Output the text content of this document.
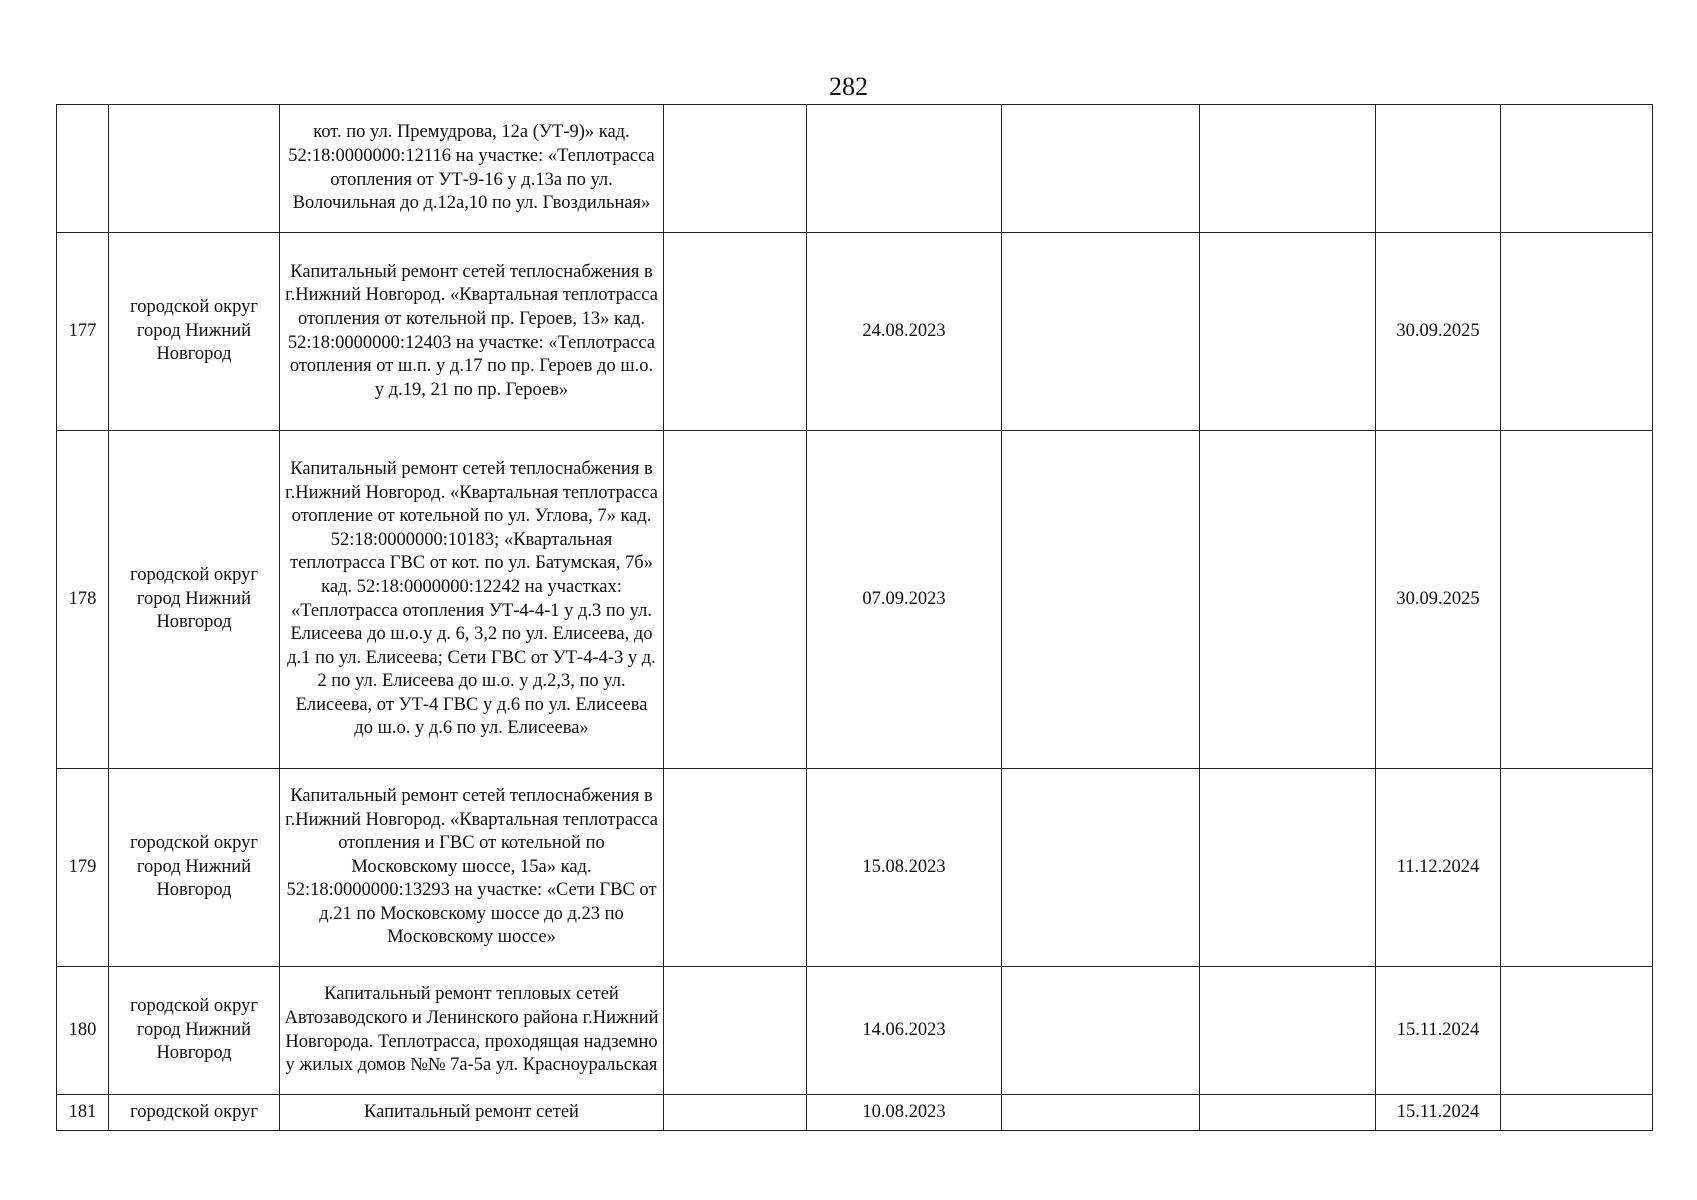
282
		кот. по ул. Премудрова, 12а (УТ-9)» кад. 52:18:0000000:12116 на участке: «Теплотрасса отопления от УТ-9-16 у д.13а по ул. Волочильная до д.12а,10 по ул. Гвоздильная»						
177	городской округ город Нижний Новгород	Капитальный ремонт сетей теплоснабжения в г.Нижний Новгород. «Квартальная теплотрасса отопления от котельной пр. Героев, 13» кад. 52:18:0000000:12403 на участке: «Теплотрасса отопления от ш.п. у д.17 по пр. Героев до ш.о. у д.19, 21 по пр. Героев»		24.08.2023			30.09.2025	
178	городской округ город Нижний Новгород	Капитальный ремонт сетей теплоснабжения в г.Нижний Новгород. «Квартальная теплотрасса отопление от котельной по ул. Углова, 7» кад. 52:18:0000000:10183; «Квартальная теплотрасса ГВС от кот. по ул. Батумская, 7б» кад. 52:18:0000000:12242 на участках: «Теплотрасса отопления УТ-4-4-1 у д.3 по ул. Елисеева до ш.о.у д. 6, 3,2 по ул. Елисеева, до д.1 по ул. Елисеева; Сети ГВС от УТ-4-4-3 у д. 2 по ул. Елисеева до ш.о. у д.2,3, по ул. Елисеева, от УТ-4 ГВС у д.6 по ул. Елисеева до ш.о. у д.6 по ул. Елисеева»		07.09.2023			30.09.2025	
179	городской округ город Нижний Новгород	Капитальный ремонт сетей теплоснабжения в г.Нижний Новгород. «Квартальная теплотрасса отопления и ГВС от котельной по Московскому шоссе, 15а» кад. 52:18:0000000:13293 на участке: «Сети ГВС от д.21 по Московскому шоссе до д.23 по Московскому шоссе»		15.08.2023			11.12.2024	
180	городской округ город Нижний Новгород	Капитальный ремонт тепловых сетей Автозаводского и Ленинского района г.Нижний Новгорода. Теплотрасса, проходящая надземно у жилых домов №№ 7а-5а ул. Красноуральская		14.06.2023			15.11.2024	
181	городской округ	Капитальный ремонт сетей		10.08.2023			15.11.2024	
